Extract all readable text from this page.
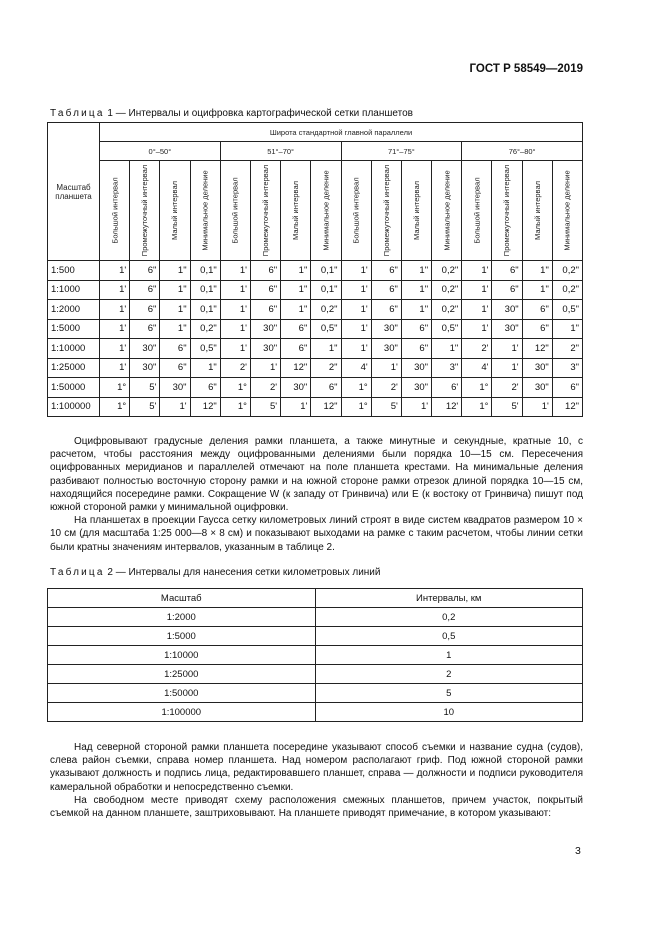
ГОСТ Р 58549—2019
Таблица 1 — Интервалы и оцифровка картографической сетки планшетов
Масштаб планшета	Широта стандартной главной параллели															
	0°–50°				51°–70°				71°–75°				76°–80°			

	Большой интервал	Промежуточный интервал	Малый интервал	Минимальное деление	Большой интервал	Промежуточный интервал	Малый интервал	Минимальное деление	Большой интервал	Промежуточный интервал	Малый интервал	Минимальное деление	Большой интервал	Промежуточный интервал	Малый интервал	Минимальное деление

1:500	1'	6"	1"	0,1"	1'	6"	1"	0,1"	1'	6"	1"	0,2"	1'	6"	1"	0,2"
1:1000	1'	6"	1"	0,1"	1'	6"	1"	0,1"	1'	6"	1"	0,2"	1'	6"	1"	0,2"
1:2000	1'	6"	1"	0,1"	1'	6"	1"	0,2"	1'	6"	1"	0,2"	1'	30"	6"	0,5"
1:5000	1'	6"	1"	0,2"	1'	30"	6"	0,5"	1'	30"	6"	0,5"	1'	30"	6"	1"
1:10000	1'	30"	6"	0,5"	1'	30"	6"	1"	1'	30"	6"	1"	2'	1'	12"	2"
1:25000	1'	30"	6"	1"	2'	1'	12"	2"	4'	1'	30"	3"	4'	1'	30"	3"
1:50000	1°	5'	30"	6"	1°	2'	30"	6"	1°	2'	30"	6'	1°	2'	30"	6"
1:100000	1°	5'	1'	12"	1°	5'	1'	12"	1°	5'	1'	12'	1°	5'	1'	12"

Оцифровывают градусные деления рамки планшета, а также минутные и секундные, кратные 10, с расчетом, чтобы расстояния между оцифрованными делениями были порядка 10—15 см. Пересечения оцифрованных меридианов и параллелей отмечают на поле планшета крестами. На минимальные деления разбивают полностью восточную сторону рамки и на южной стороне рамки отрезок длиной порядка 10—15 см, находящийся посередине рамки. Сокращение W (к западу от Гринвича) или E (к востоку от Гринвича) пишут под южной стороной рамки у минимальной оцифровки.

На планшетах в проекции Гаусса сетку километровых линий строят в виде систем квадратов размером 10 × 10 см (для масштаба 1:25 000—8 × 8 см) и показывают выходами на рамке с таким расчетом, чтобы линии сетки были кратны значениям интервалов, указанным в таблице 2.

Таблица 2 — Интервалы для нанесения сетки километровых линий
Масштаб	Интервалы, км
1:2000	0,2
1:5000	0,5
1:10000	1
1:25000	2
1:50000	5
1:100000	10

Над северной стороной рамки планшета посередине указывают способ съемки и название судна (судов), слева район съемки, справа номер планшета. Над номером располагают гриф. Под южной стороной рамки указывают должность и подпись лица, редактировавшего планшет, справа — должности и подписи руководителя камеральной обработки и непосредственно съемки.

На свободном месте приводят схему расположения смежных планшетов, причем участок, покрытый съемкой на данном планшете, заштриховывают. На планшете приводят примечание, в котором указывают:

3
